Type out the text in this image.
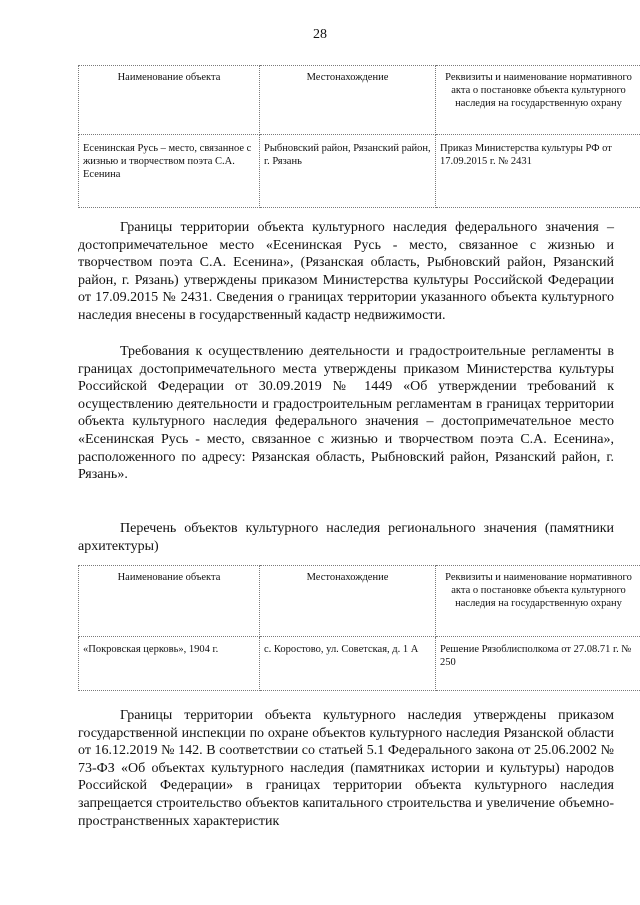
28
Наименование объекта	Местонахождение	Реквизиты и наименование нормативного акта о постановке объекта культурного наследия на государственную охрану
Есенинская Русь – место, связанное с жизнью и творчеством поэта С.А. Есенина	Рыбновский район, Рязанский район, г. Рязань	Приказ Министерства культуры РФ от 17.09.2015 г. № 2431

Границы территории объекта культурного наследия федерального значения – достопримечательное место «Есенинская Русь - место, связанное с жизнью и творчеством поэта С.А. Есенина», (Рязанская область, Рыбновский район, Рязанский район, г. Рязань) утверждены приказом Министерства культуры Российской Федерации от 17.09.2015 № 2431. Сведения о границах территории указанного объекта культурного наследия внесены в государственный кадастр недвижимости.

Требования к осуществлению деятельности и градостроительные регламенты в границах достопримечательного места утверждены приказом Министерства культуры Российской Федерации от 30.09.2019 № 1449 «Об утверждении требований к осуществлению деятельности и градостроительным регламентам в границах территории объекта культурного наследия федерального значения – достопримечательное место «Есенинская Русь - место, связанное с жизнью и творчеством поэта С.А. Есенина», расположенного по адресу: Рязанская область, Рыбновский район, Рязанский район, г. Рязань».

Перечень объектов культурного наследия регионального значения (памятники архитектуры)

Наименование объекта	Местонахождение	Реквизиты и наименование нормативного акта о постановке объекта культурного наследия на государственную охрану
«Покровская церковь», 1904 г.	с. Коростово, ул. Советская, д. 1 А	Решение Рязоблисполкома от 27.08.71 г. № 250

Границы территории объекта культурного наследия утверждены приказом государственной инспекции по охране объектов культурного наследия Рязанской области от 16.12.2019 № 142. В соответствии со статьей 5.1 Федерального закона от 25.06.2002 № 73-ФЗ «Об объектах культурного наследия (памятниках истории и культуры) народов Российской Федерации» в границах территории объекта культурного наследия запрещается строительство объектов капитального строительства и увеличение объемно-пространственных характеристик
